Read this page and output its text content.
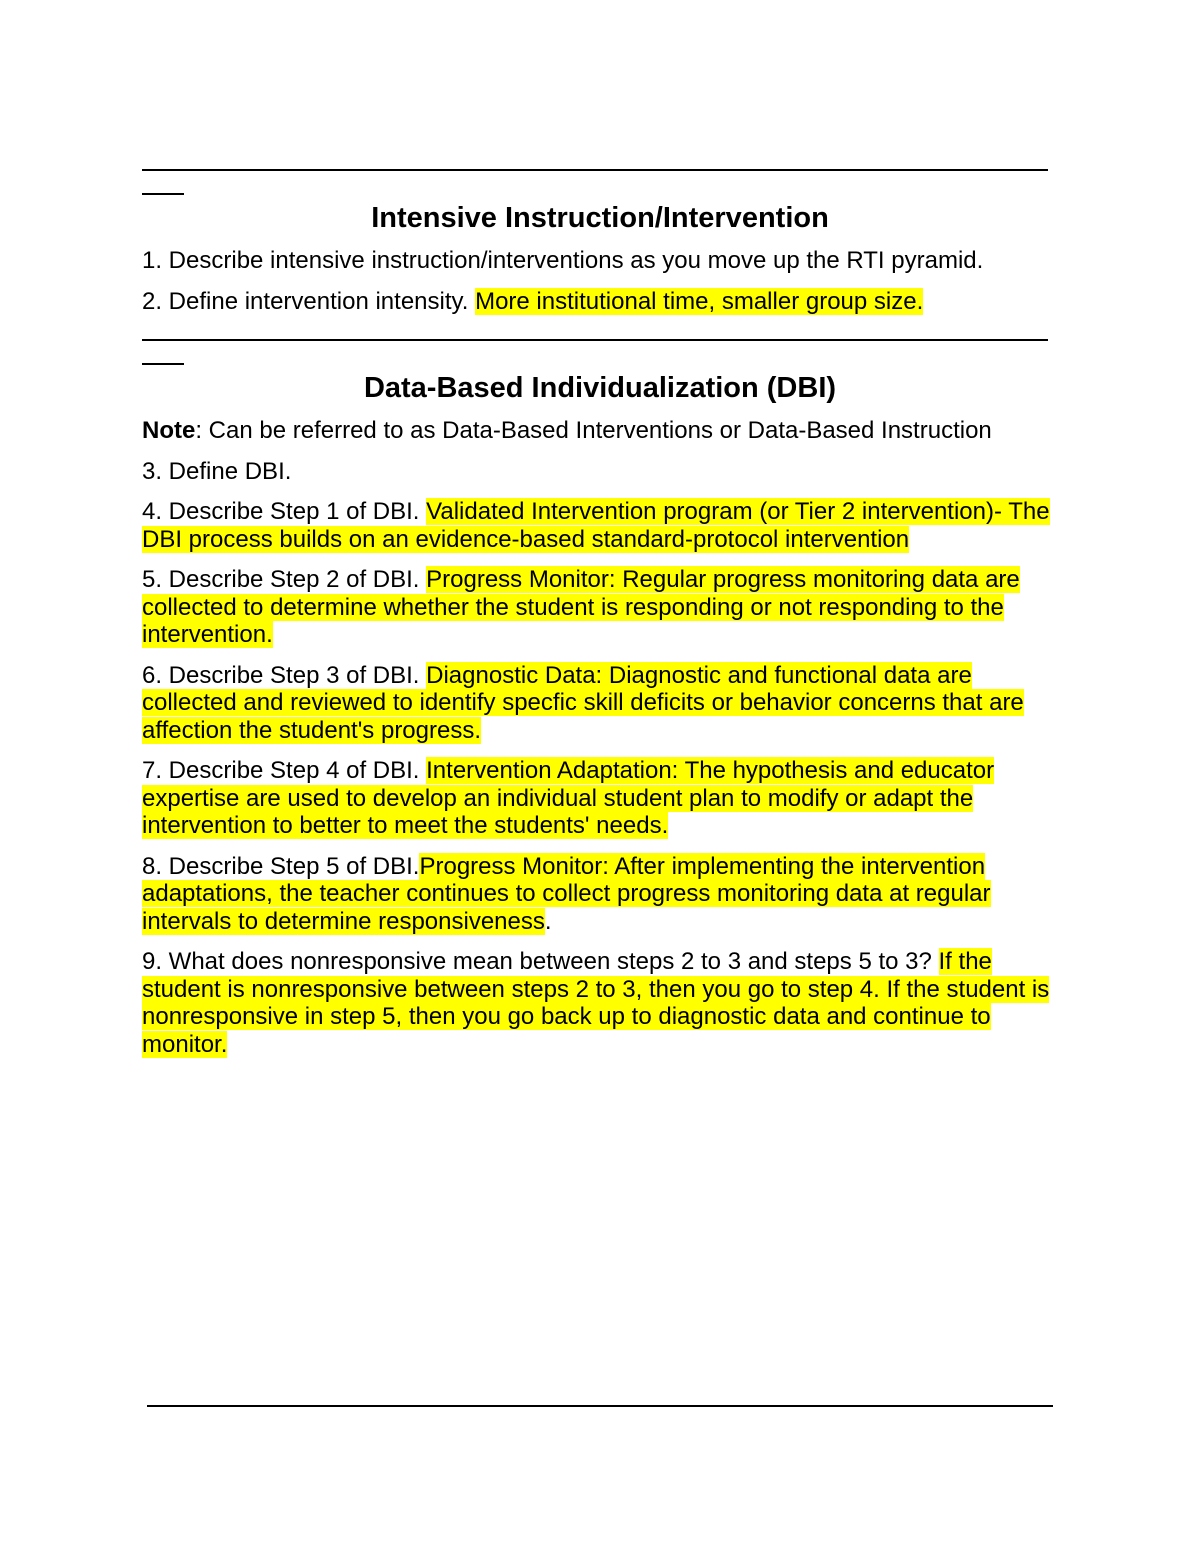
Intensive Instruction/Intervention

1. Describe intensive instruction/interventions as you move up the RTI pyramid.

2. Define intervention intensity. More institutional time, smaller group size.

Data-Based Individualization (DBI)

Note: Can be referred to as Data-Based Interventions or Data-Based Instruction

3. Define DBI.

4. Describe Step 1 of DBI. Validated Intervention program (or Tier 2 intervention)- The DBI process builds on an evidence-based standard-protocol intervention

5. Describe Step 2 of DBI. Progress Monitor: Regular progress monitoring data are collected to determine whether the student is responding or not responding to the intervention.

6. Describe Step 3 of DBI. Diagnostic Data: Diagnostic and functional data are collected and reviewed to identify specfic skill deficits or behavior concerns that are affection the student's progress.

7. Describe Step 4 of DBI. Intervention Adaptation: The hypothesis and educator expertise are used to develop an individual student plan to modify or adapt the intervention to better to meet the students' needs.

8. Describe Step 5 of DBI.Progress Monitor: After implementing the intervention adaptations, the teacher continues to collect progress monitoring data at regular intervals to determine responsiveness.

9. What does nonresponsive mean between steps 2 to 3 and steps 5 to 3? If the student is nonresponsive between steps 2 to 3, then you go to step 4. If the student is nonresponsive in step 5, then you go back up to diagnostic data and continue to monitor.
